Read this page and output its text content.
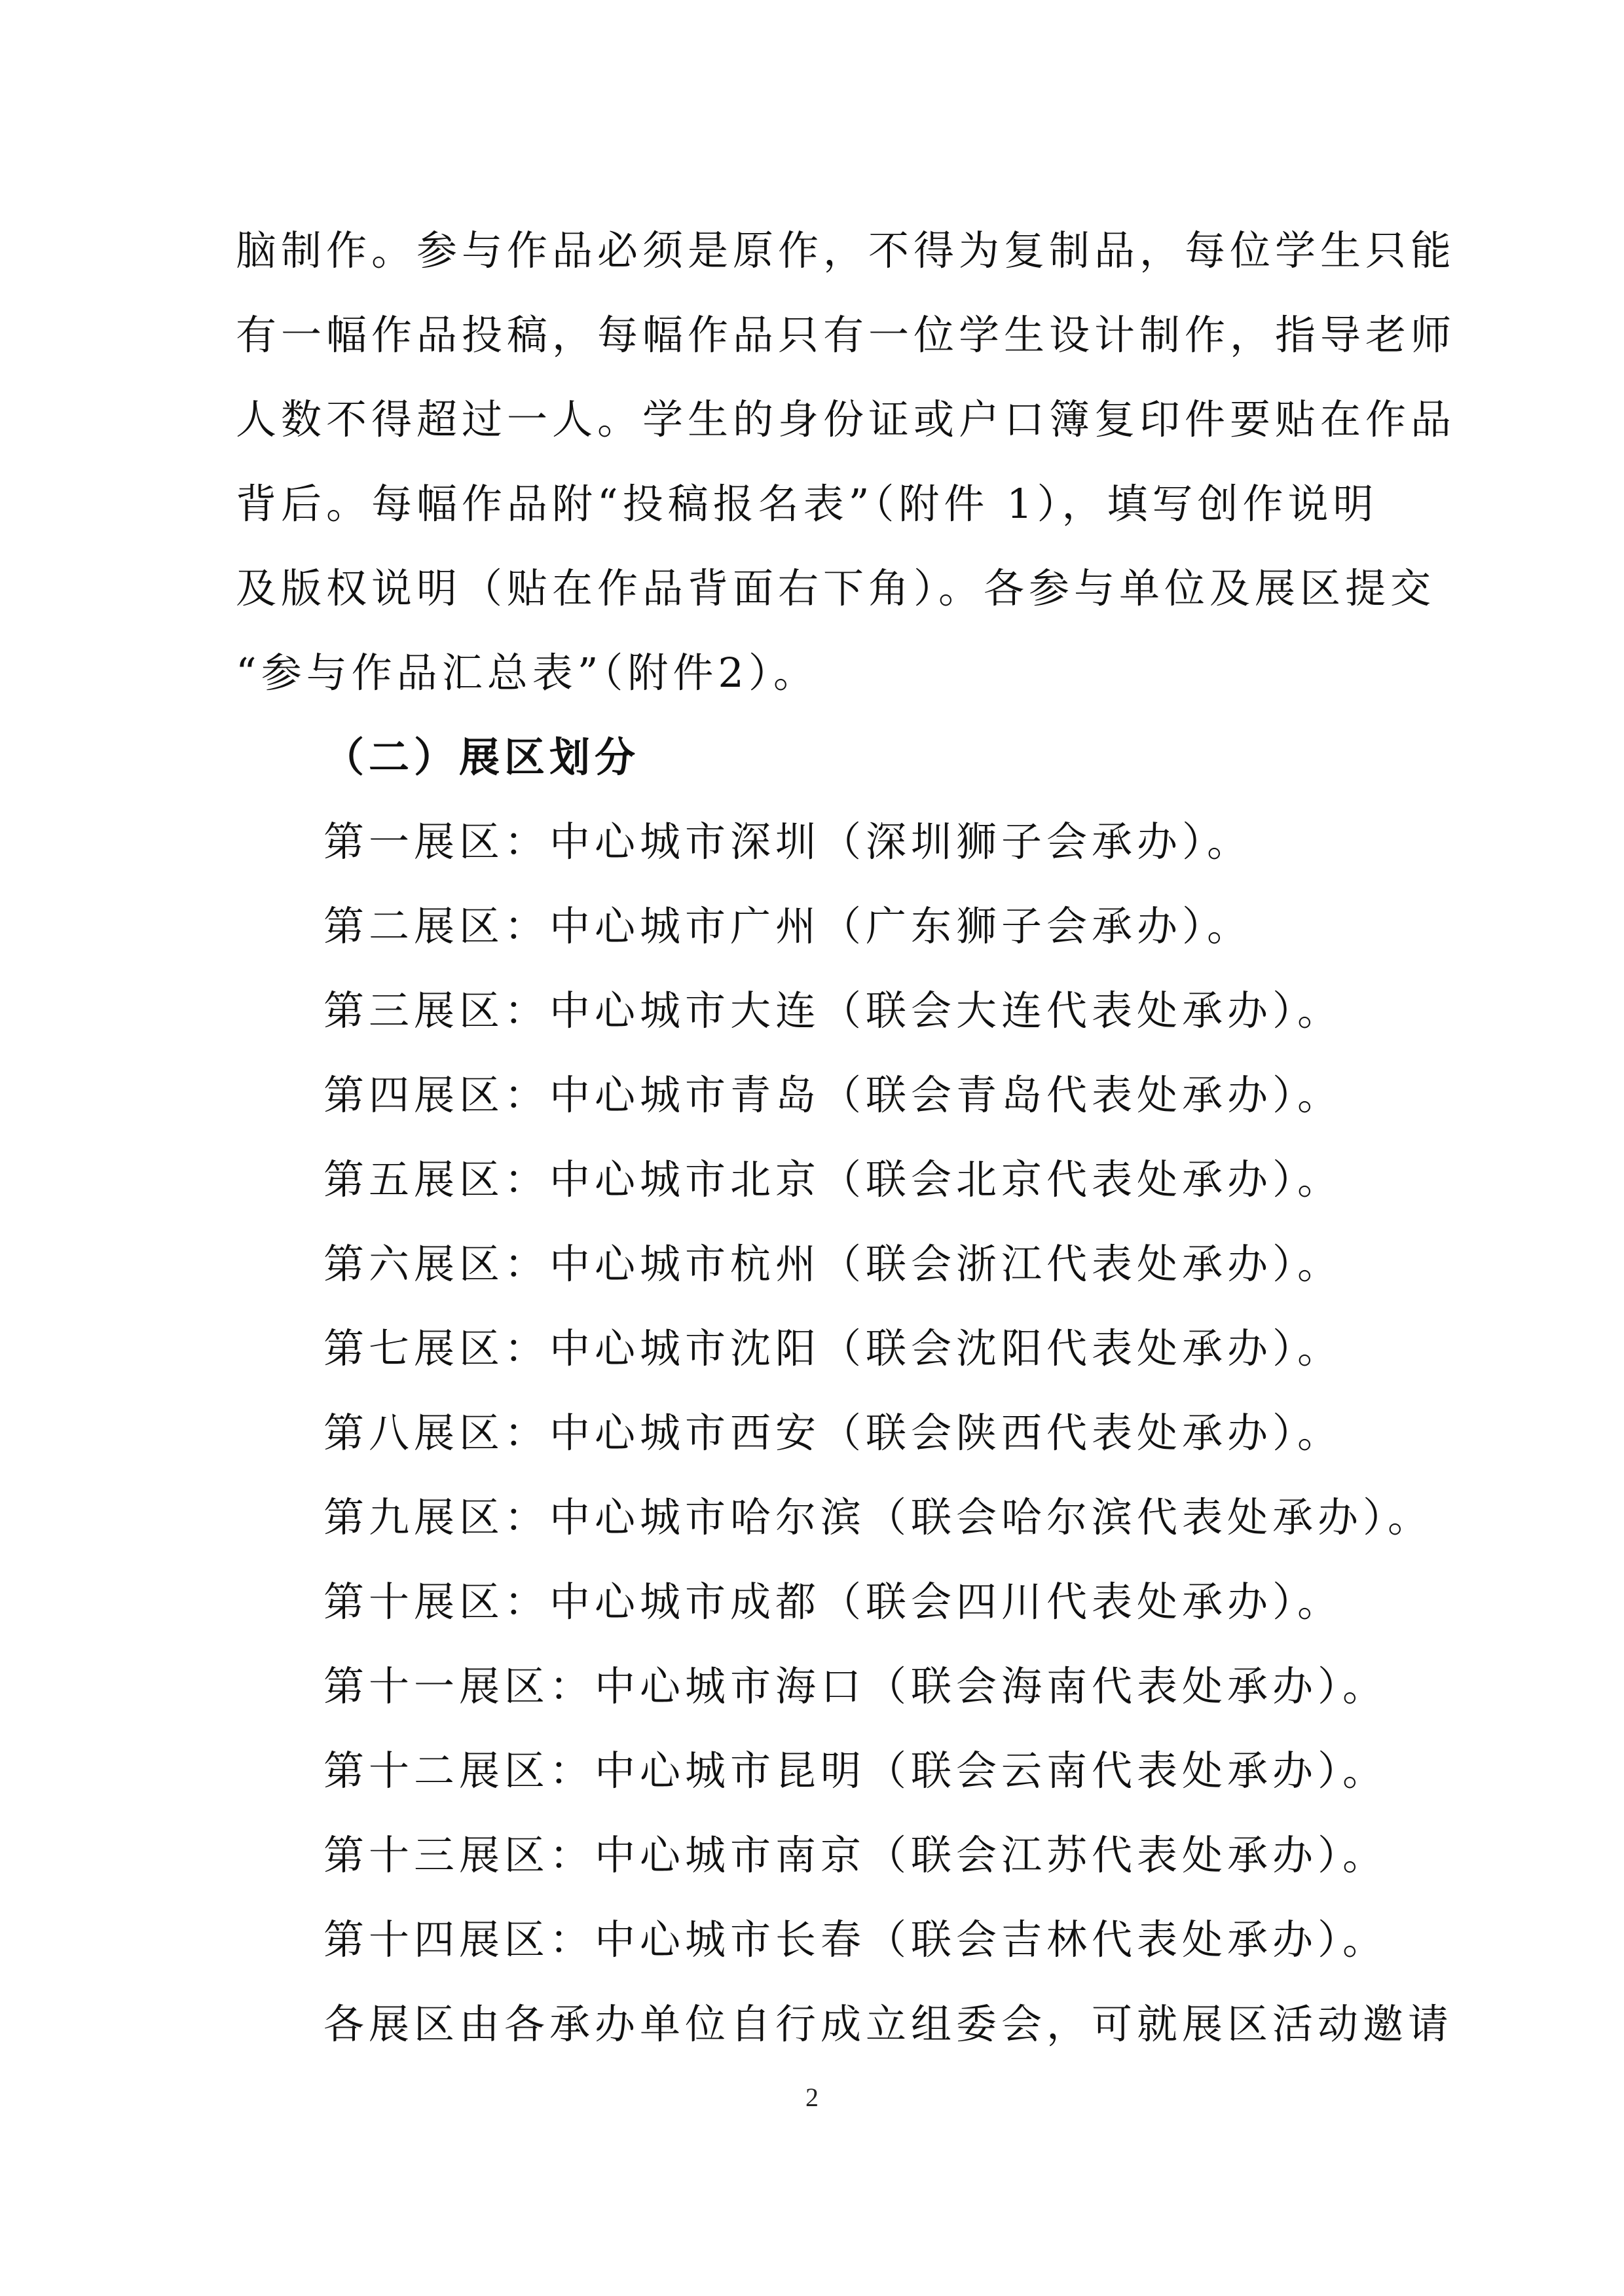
脑制作。参与作品必须是原作，不得为复制品，每位学生只能
有一幅作品投稿，每幅作品只有一位学生设计制作，指导老师
人数不得超过一人。学生的身份证或户口簿复印件要贴在作品
背后。每幅作品附“投稿报名表”（附件 1），填写创作说明
及版权说明（贴在作品背面右下角）。各参与单位及展区提交
“参与作品汇总表”（附件2）。
（二）展区划分
第一展区：中心城市深圳（深圳狮子会承办）。
第二展区：中心城市广州（广东狮子会承办）。
第三展区：中心城市大连（联会大连代表处承办）。
第四展区：中心城市青岛（联会青岛代表处承办）。
第五展区：中心城市北京（联会北京代表处承办）。
第六展区：中心城市杭州（联会浙江代表处承办）。
第七展区：中心城市沈阳（联会沈阳代表处承办）。
第八展区：中心城市西安（联会陕西代表处承办）。
第九展区：中心城市哈尔滨（联会哈尔滨代表处承办）。
第十展区：中心城市成都（联会四川代表处承办）。
第十一展区：中心城市海口（联会海南代表处承办）。
第十二展区：中心城市昆明（联会云南代表处承办）。
第十三展区：中心城市南京（联会江苏代表处承办）。
第十四展区：中心城市长春（联会吉林代表处承办）。
各展区由各承办单位自行成立组委会，可就展区活动邀请
2
